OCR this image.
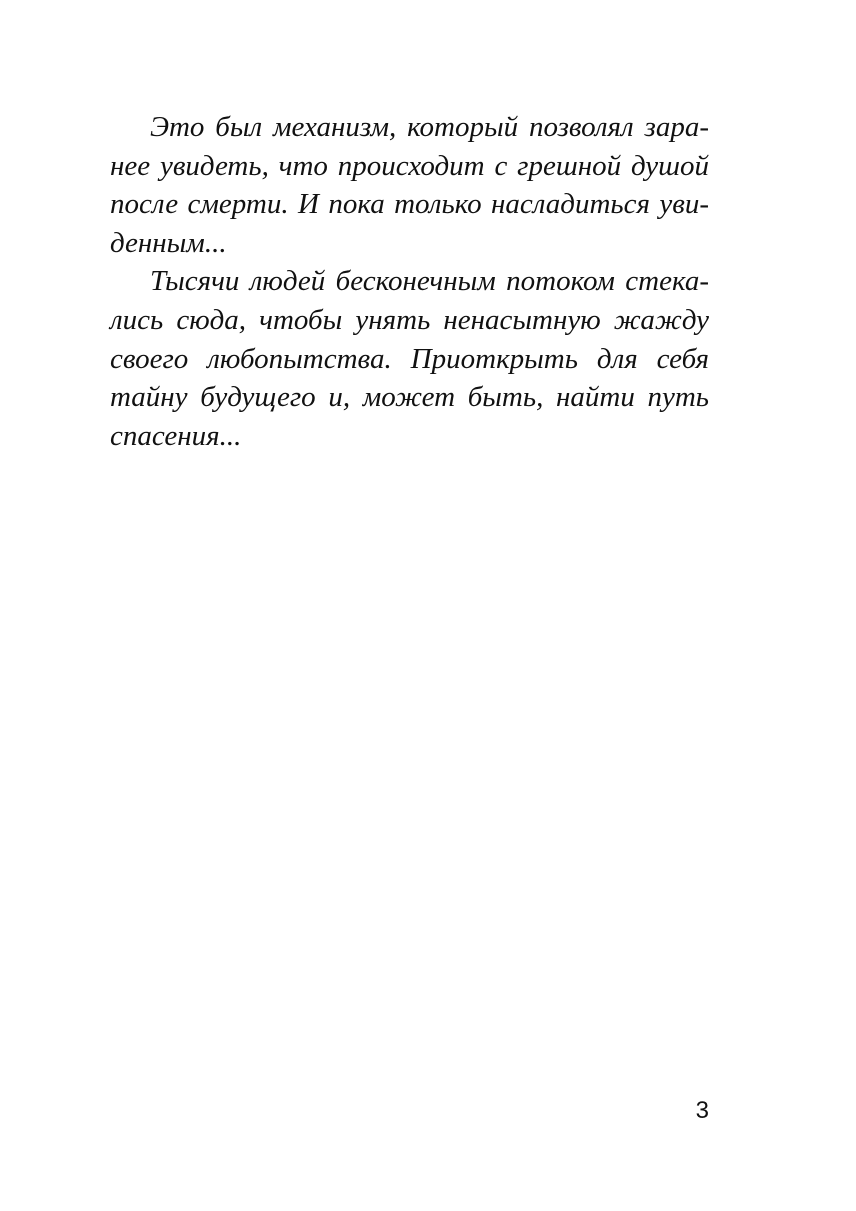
Это был механизм, который позволял зара-
нее увидеть, что происходит с грешной душой
после смерти. И пока только насладиться уви-
денным...
Тысячи людей бесконечным потоком стека-
лись сюда, чтобы унять ненасытную жажду
своего любопытства. Приоткрыть для себя
тайну будущего и, может быть, найти путь
спасения...
3
